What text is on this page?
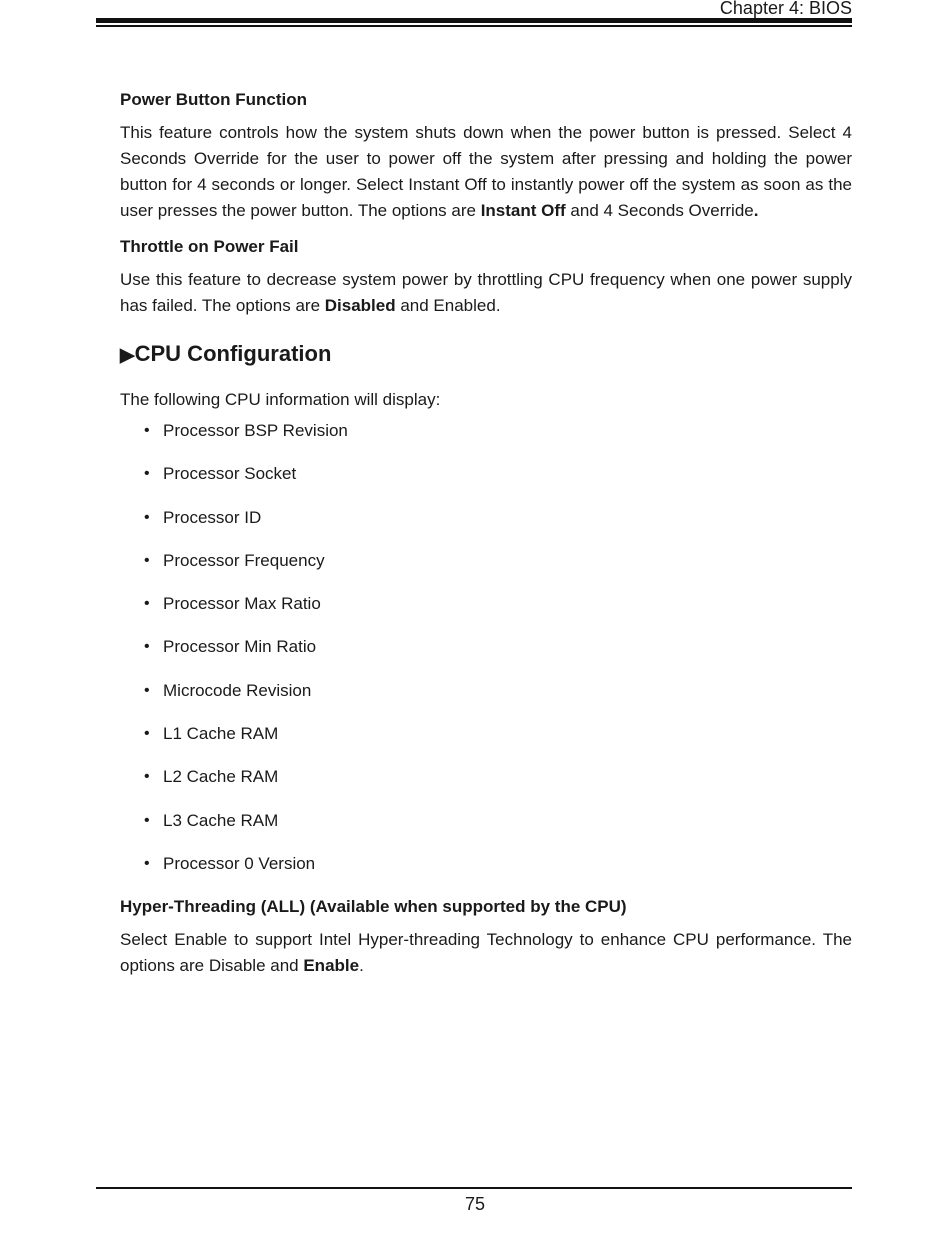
Chapter 4: BIOS
Power Button Function

This feature controls how the system shuts down when the power button is pressed. Select 4 Seconds Override for the user to power off the system after pressing and holding the power button for 4 seconds or longer. Select Instant Off to instantly power off the system as soon as the user presses the power button. The options are Instant Off and 4 Seconds Override.

Throttle on Power Fail

Use this feature to decrease system power by throttling CPU frequency when one power supply has failed. The options are Disabled and Enabled.

▶CPU Configuration
The following CPU information will display:
• Processor BSP Revision
• Processor Socket
• Processor ID
• Processor Frequency
• Processor Max Ratio
• Processor Min Ratio
• Microcode Revision
• L1 Cache RAM
• L2 Cache RAM
• L3 Cache RAM
• Processor 0 Version
Hyper-Threading (ALL) (Available when supported by the CPU)

Select Enable to support Intel Hyper-threading Technology to enhance CPU performance. The options are Disable and Enable.

75
